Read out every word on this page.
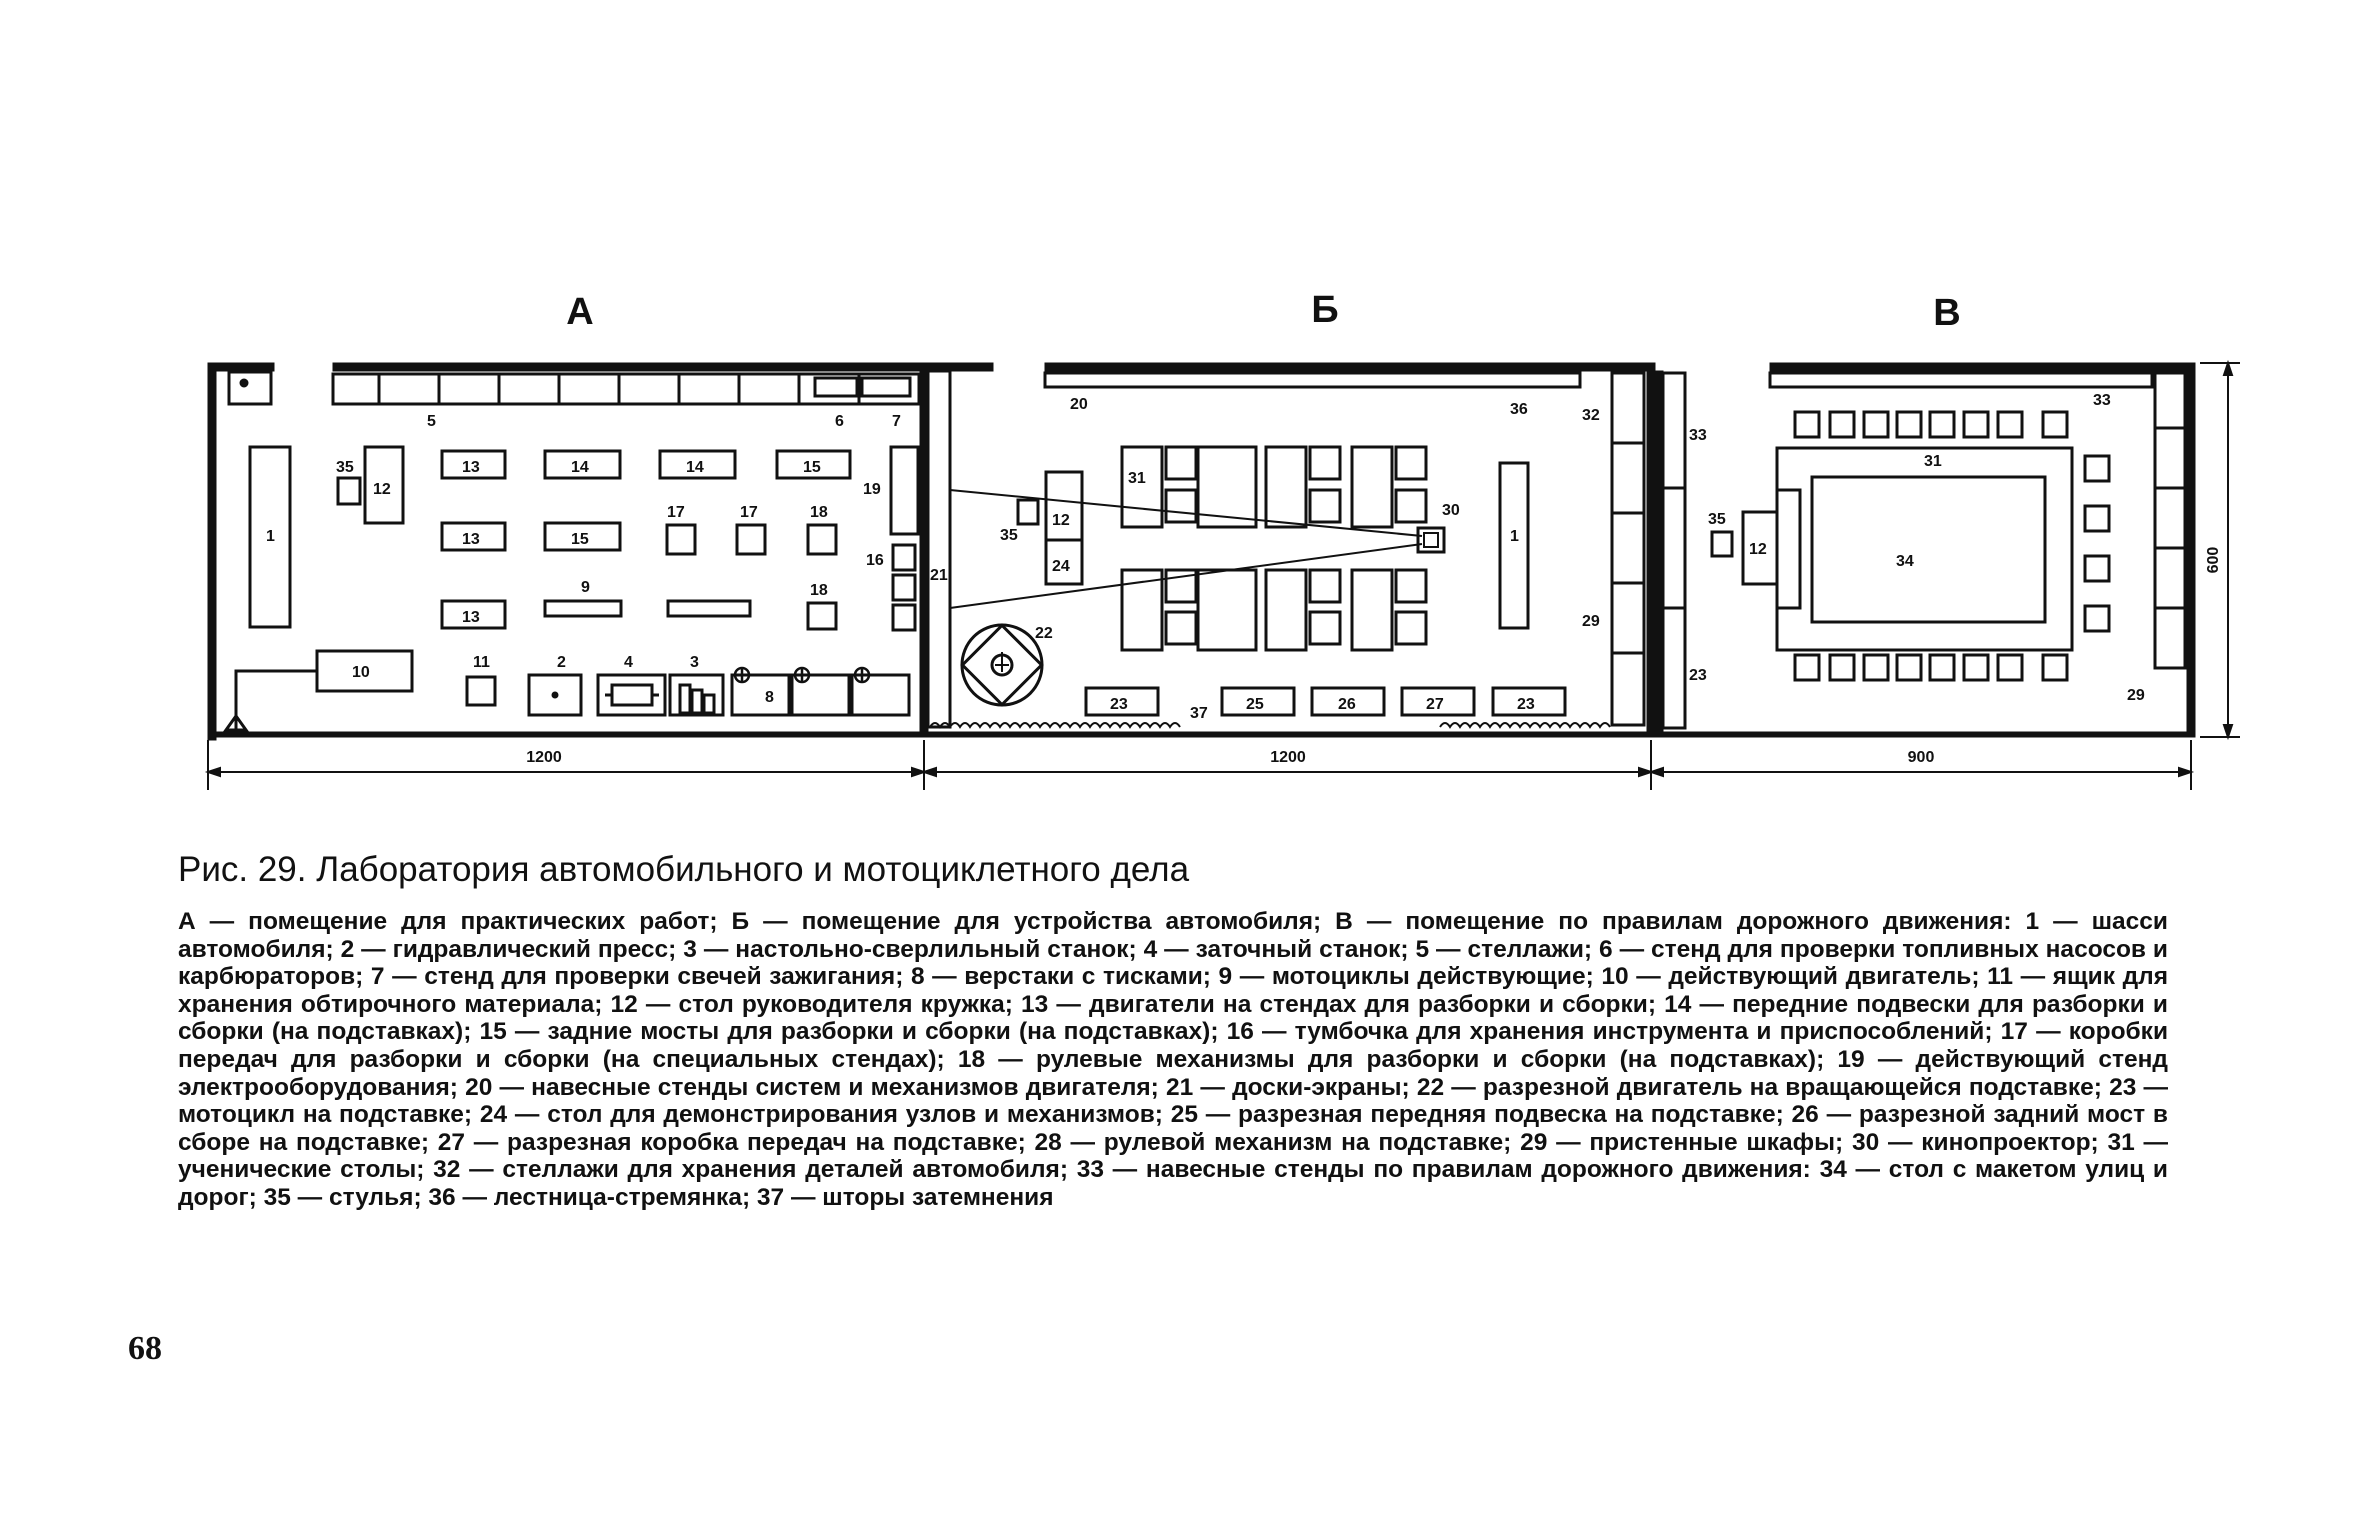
А	Б	В
5	6	7
1
35
12
13
13
13
14	14	15
15
17	17	18
18
9
19
16
10
11	2	4	3
8
21
20	36	32
29
30
31
12
24
35
22
23
37
25	26	27	23
1
33
23
33
29
31
34
12
35
1200	1200	900
600

Рис. 29. Лаборатория автомобильного и мотоциклетного дела

А — помещение для практических работ; Б — помещение для устройства автомобиля; В — помещение по правилам дорожного движения: 1 — шасси автомобиля; 2 — гидравлический пресс; 3 — настольно-сверлильный станок; 4 — заточный станок; 5 — стеллажи; 6 — стенд для проверки топливных насосов и карбюраторов; 7 — стенд для проверки свечей зажигания; 8 — верстаки с тисками; 9 — мотоциклы действующие; 10 — действующий двигатель; 11 — ящик для хранения обтирочного материала; 12 — стол руководителя кружка; 13 — двигатели на стендах для разборки и сборки; 14 — передние подвески для разборки и сборки (на подставках); 15 — задние мосты для разборки и сборки (на подставках); 16 — тумбочка для хранения инструмента и приспособлений; 17 — коробки передач для разборки и сборки (на специальных стендах); 18 — рулевые механизмы для разборки и сборки (на подставках); 19 — действующий стенд электрооборудования; 20 — навесные стенды систем и механизмов двигателя; 21 — доски-экраны; 22 — разрезной двигатель на вращающейся подставке; 23 — мотоцикл на подставке; 24 — стол для демонстрирования узлов и механизмов; 25 — разрезная передняя подвеска на подставке; 26 — разрезной задний мост в сборе на подставке; 27 — разрезная коробка передач на подставке; 28 — рулевой механизм на подставке; 29 — пристенные шкафы; 30 — кинопроектор; 31 — ученические столы; 32 — стеллажи для хранения деталей автомобиля; 33 — навесные стенды по правилам дорожного движения: 34 — стол с макетом улиц и дорог; 35 — стулья; 36 — лестница-стремянка; 37 — шторы затемнения

68
